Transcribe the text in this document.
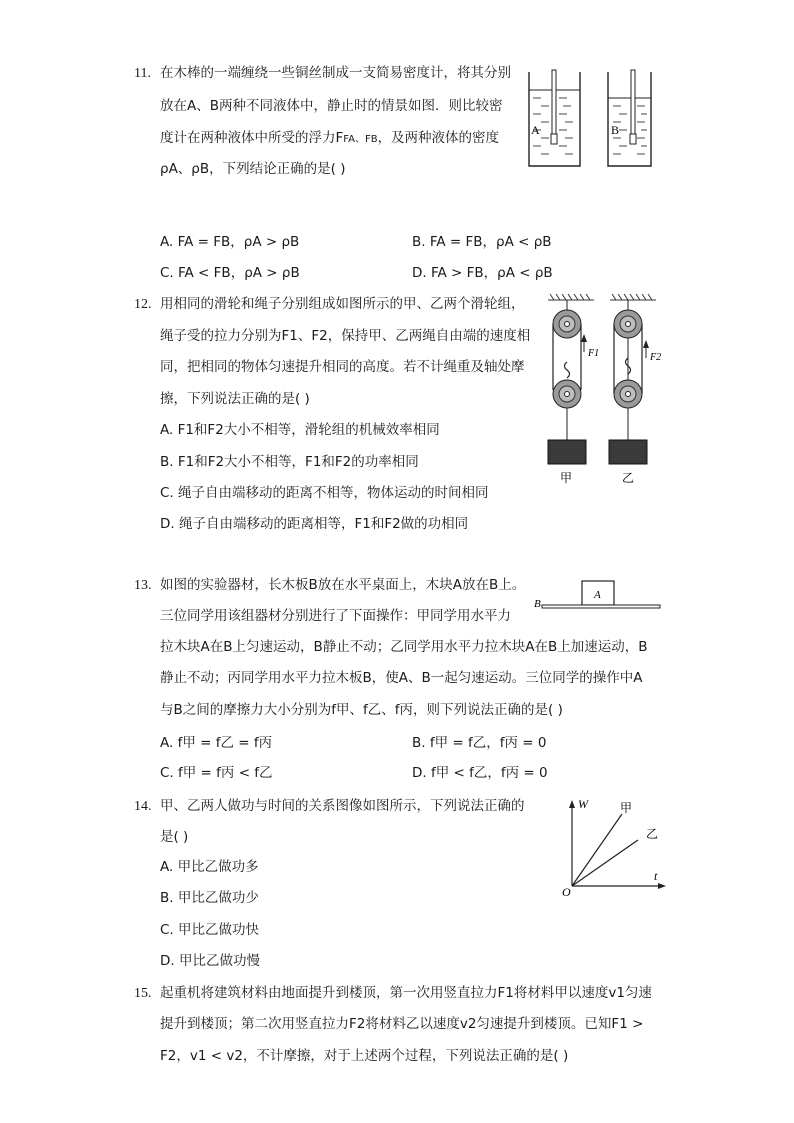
11. 在木棒的一端缠绕一些铜丝制成一支简易密度计，将其分别
放在A、B两种不同液体中，静止时的情景如图．则比较密
度计在两种液体中所受的浮力FFA、FB，及两种液体的密度
ρA、ρB，下列结论正确的是( )
A	B
A. FA = FB，ρA > ρB	B. FA = FB，ρA < ρB
C. FA < FB，ρA > ρB	D. FA > FB，ρA < ρB
12. 用相同的滑轮和绳子分别组成如图所示的甲、乙两个滑轮组，
绳子受的拉力分别为F1、F2，保持甲、乙两绳自由端的速度相
同，把相同的物体匀速提升相同的高度。若不计绳重及轴处摩
擦，下列说法正确的是( )
A. F1和F2大小不相等，滑轮组的机械效率相同
B. F1和F2大小不相等，F1和F2的功率相同
C. 绳子自由端移动的距离不相等，物体运动的时间相同
D. 绳子自由端移动的距离相等，F1和F2做的功相同
F1
甲
F2
乙
13. 如图的实验器材，长木板B放在水平桌面上，木块A放在B上。
三位同学用该组器材分别进行了下面操作：甲同学用水平力
拉木块A在B上匀速运动，B静止不动；乙同学用水平力拉木块A在B上加速运动，B
静止不动；丙同学用水平力拉木板B，使A、B一起匀速运动。三位同学的操作中A
与B之间的摩擦力大小分别为f甲、f乙、f丙，则下列说法正确的是( )
B
A
A. f甲 = f乙 = f丙	B. f甲 = f乙，f丙 = 0
C. f甲 = f丙 < f乙	D. f甲 < f乙，f丙 = 0
14. 甲、乙两人做功与时间的关系图像如图所示，下列说法正确的
是( )
A. 甲比乙做功多
B. 甲比乙做功少
C. 甲比乙做功快
D. 甲比乙做功慢
W	甲
乙
t
O
15. 起重机将建筑材料由地面提升到楼顶，第一次用竖直拉力F1将材料甲以速度v1匀速
提升到楼顶；第二次用竖直拉力F2将材料乙以速度v2匀速提升到楼顶。已知F1 >
F2，v1 < v2，不计摩擦，对于上述两个过程，下列说法正确的是( )
